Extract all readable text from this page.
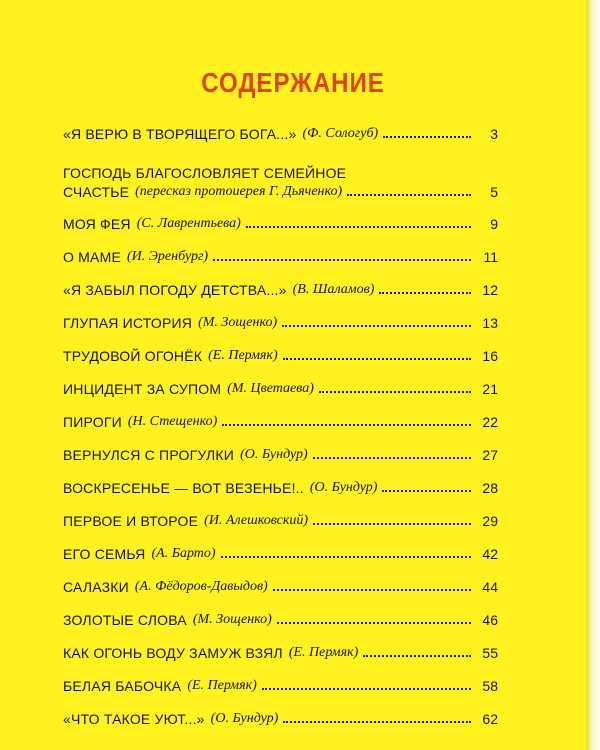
СОДЕРЖАНИЕ
«Я ВЕРЮ В ТВОРЯЩЕГО БОГА...» (Ф. Сологуб)	3
ГОСПОДЬ БЛАГОСЛОВЛЯЕТ СЕМЕЙНОЕ
СЧАСТЬЕ (пересказ протоиерея Г. Дьяченко)	5
МОЯ ФЕЯ (С. Лаврентьева)	9
О МАМЕ (И. Эренбург)	11
«Я ЗАБЫЛ ПОГОДУ ДЕТСТВА...» (В. Шаламов)	12
ГЛУПАЯ ИСТОРИЯ (М. Зощенко)	13
ТРУДОВОЙ ОГОНЁК (Е. Пермяк)	16
ИНЦИДЕНТ ЗА СУПОМ (М. Цветаева)	21
ПИРОГИ (Н. Стещенко)	22
ВЕРНУЛСЯ С ПРОГУЛКИ (О. Бундур)	27
ВОСКРЕСЕНЬЕ — ВОТ ВЕЗЕНЬЕ!.. (О. Бундур)	28
ПЕРВОЕ И ВТОРОЕ (И. Алешковский)	29
ЕГО СЕМЬЯ (А. Барто)	42
САЛАЗКИ (А. Фёдоров-Давыдов)	44
ЗОЛОТЫЕ СЛОВА (М. Зощенко)	46
КАК ОГОНЬ ВОДУ ЗАМУЖ ВЗЯЛ (Е. Пермяк)	55
БЕЛАЯ БАБОЧКА (Е. Пермяк)	58
«ЧТО ТАКОЕ УЮТ...» (О. Бундур)	62
